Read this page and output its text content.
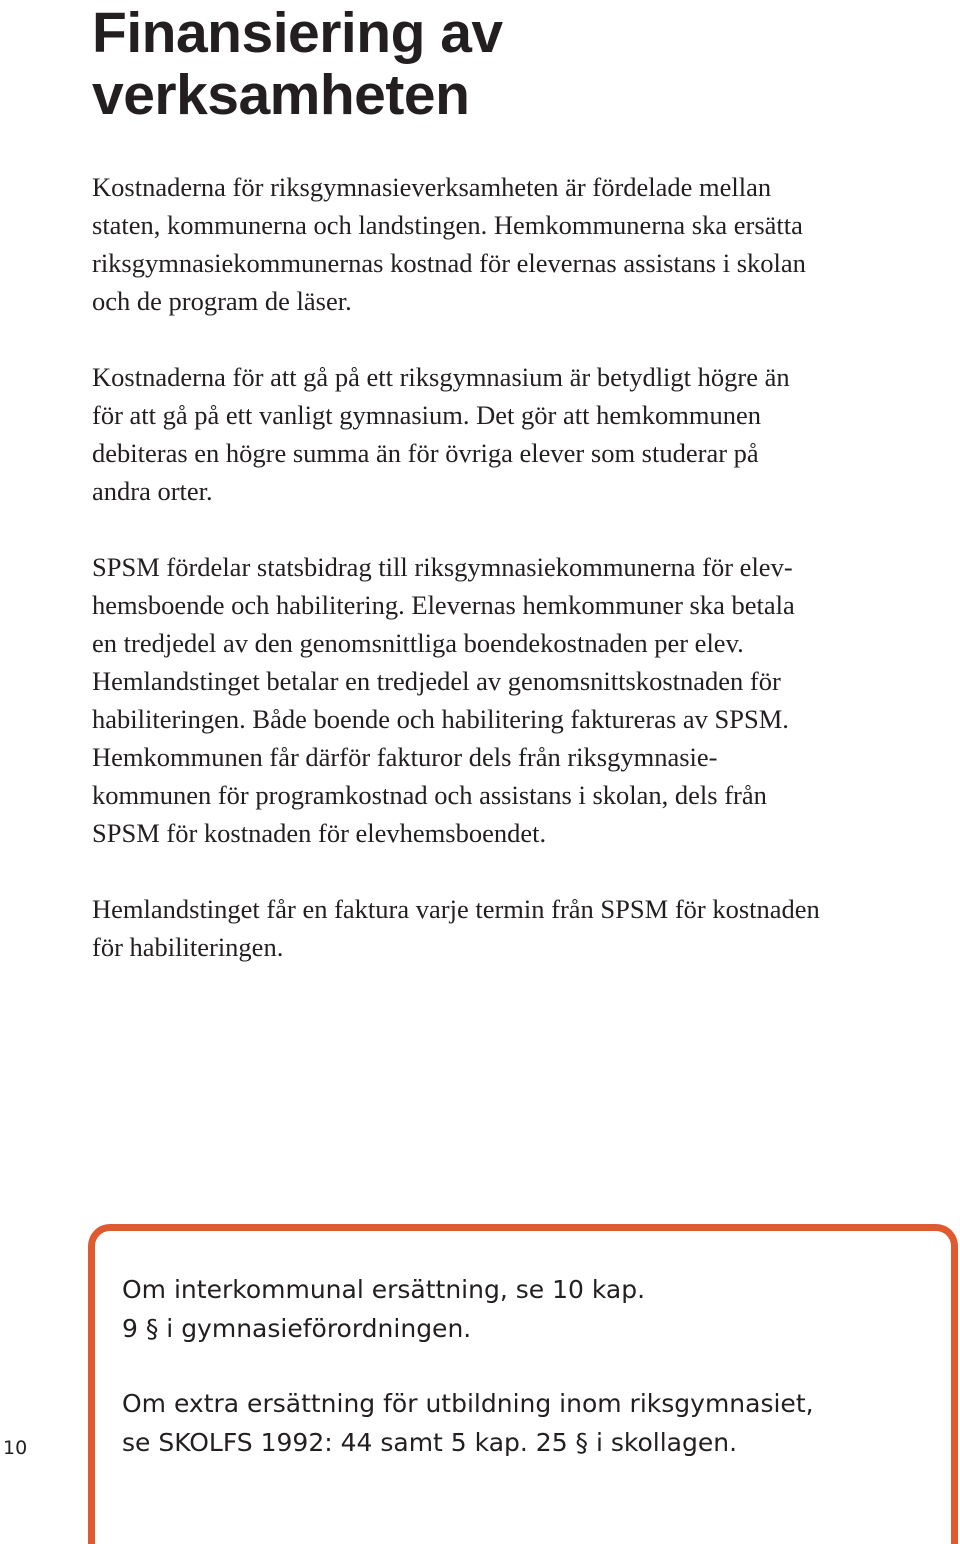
Finansiering av
verksamheten

Kostnaderna för riksgymnasieverksamheten är fördelade mellan
staten, kommunerna och landstingen. Hemkommunerna ska ersätta
riksgymnasiekommunernas kostnad för elevernas assistans i skolan
och de program de läser.

Kostnaderna för att gå på ett riksgymnasium är betydligt högre än
för att gå på ett vanligt gymnasium. Det gör att hemkommunen
debiteras en högre summa än för övriga elever som studerar på
andra orter.

SPSM fördelar statsbidrag till riksgymnasiekommunerna för elev-
hemsboende och habilitering. Elevernas hemkommuner ska betala
en tredjedel av den genomsnittliga boendekostnaden per elev.
Hemlandstinget betalar en tredjedel av genomsnittskostnaden för
habiliteringen. Både boende och habilitering faktureras av SPSM.
Hemkommunen får därför fakturor dels från riksgymnasie-
kommunen för programkostnad och assistans i skolan, dels från
SPSM för kostnaden för elevhemsboendet.

Hemlandstinget får en faktura varje termin från SPSM för kostnaden
för habiliteringen.

Om interkommunal ersättning, se 10 kap.
9 § i gymnasieförordningen.

Om extra ersättning för utbildning inom riksgymnasiet,
se SKOLFS 1992: 44 samt 5 kap. 25 § i skollagen.

10
